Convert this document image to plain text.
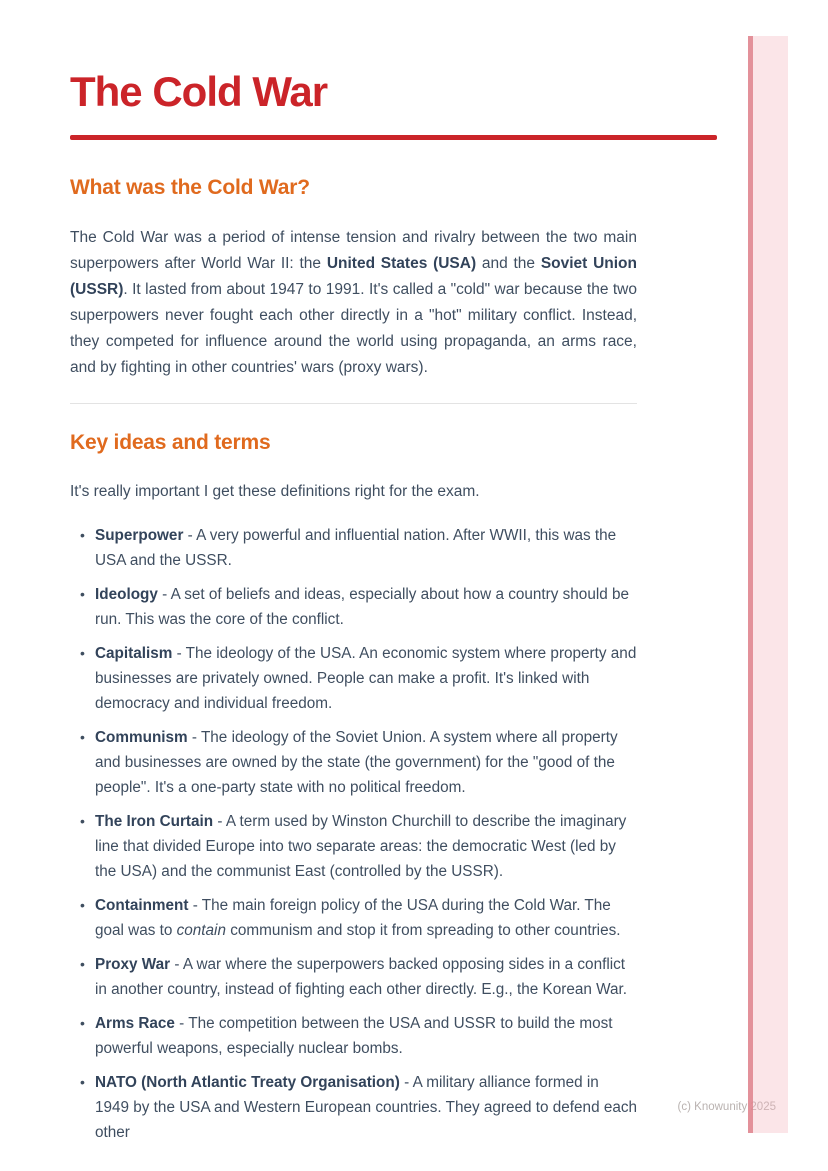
(c) Knowunity 2025
The Cold War
What was the Cold War?

The Cold War was a period of intense tension and rivalry between the two main superpowers after World War II: the United States (USA) and the Soviet Union (USSR). It lasted from about 1947 to 1991. It's called a "cold" war because the two superpowers never fought each other directly in a "hot" military conflict. Instead, they competed for influence around the world using propaganda, an arms race, and by fighting in other countries' wars (proxy wars).

Key ideas and terms

It's really important I get these definitions right for the exam.

• Superpower - A very powerful and influential nation. After WWII, this was the USA and the USSR.
• Ideology - A set of beliefs and ideas, especially about how a country should be run. This was the core of the conflict.
• Capitalism - The ideology of the USA. An economic system where property and businesses are privately owned. People can make a profit. It's linked with democracy and individual freedom.
• Communism - The ideology of the Soviet Union. A system where all property and businesses are owned by the state (the government) for the "good of the people". It's a one-party state with no political freedom.
• The Iron Curtain - A term used by Winston Churchill to describe the imaginary line that divided Europe into two separate areas: the democratic West (led by the USA) and the communist East (controlled by the USSR).
• Containment - The main foreign policy of the USA during the Cold War. The goal was to contain communism and stop it from spreading to other countries.
• Proxy War - A war where the superpowers backed opposing sides in a conflict in another country, instead of fighting each other directly. E.g., the Korean War.
• Arms Race - The competition between the USA and USSR to build the most powerful weapons, especially nuclear bombs.
• NATO (North Atlantic Treaty Organisation) - A military alliance formed in 1949 by the USA and Western European countries. They agreed to defend each other
